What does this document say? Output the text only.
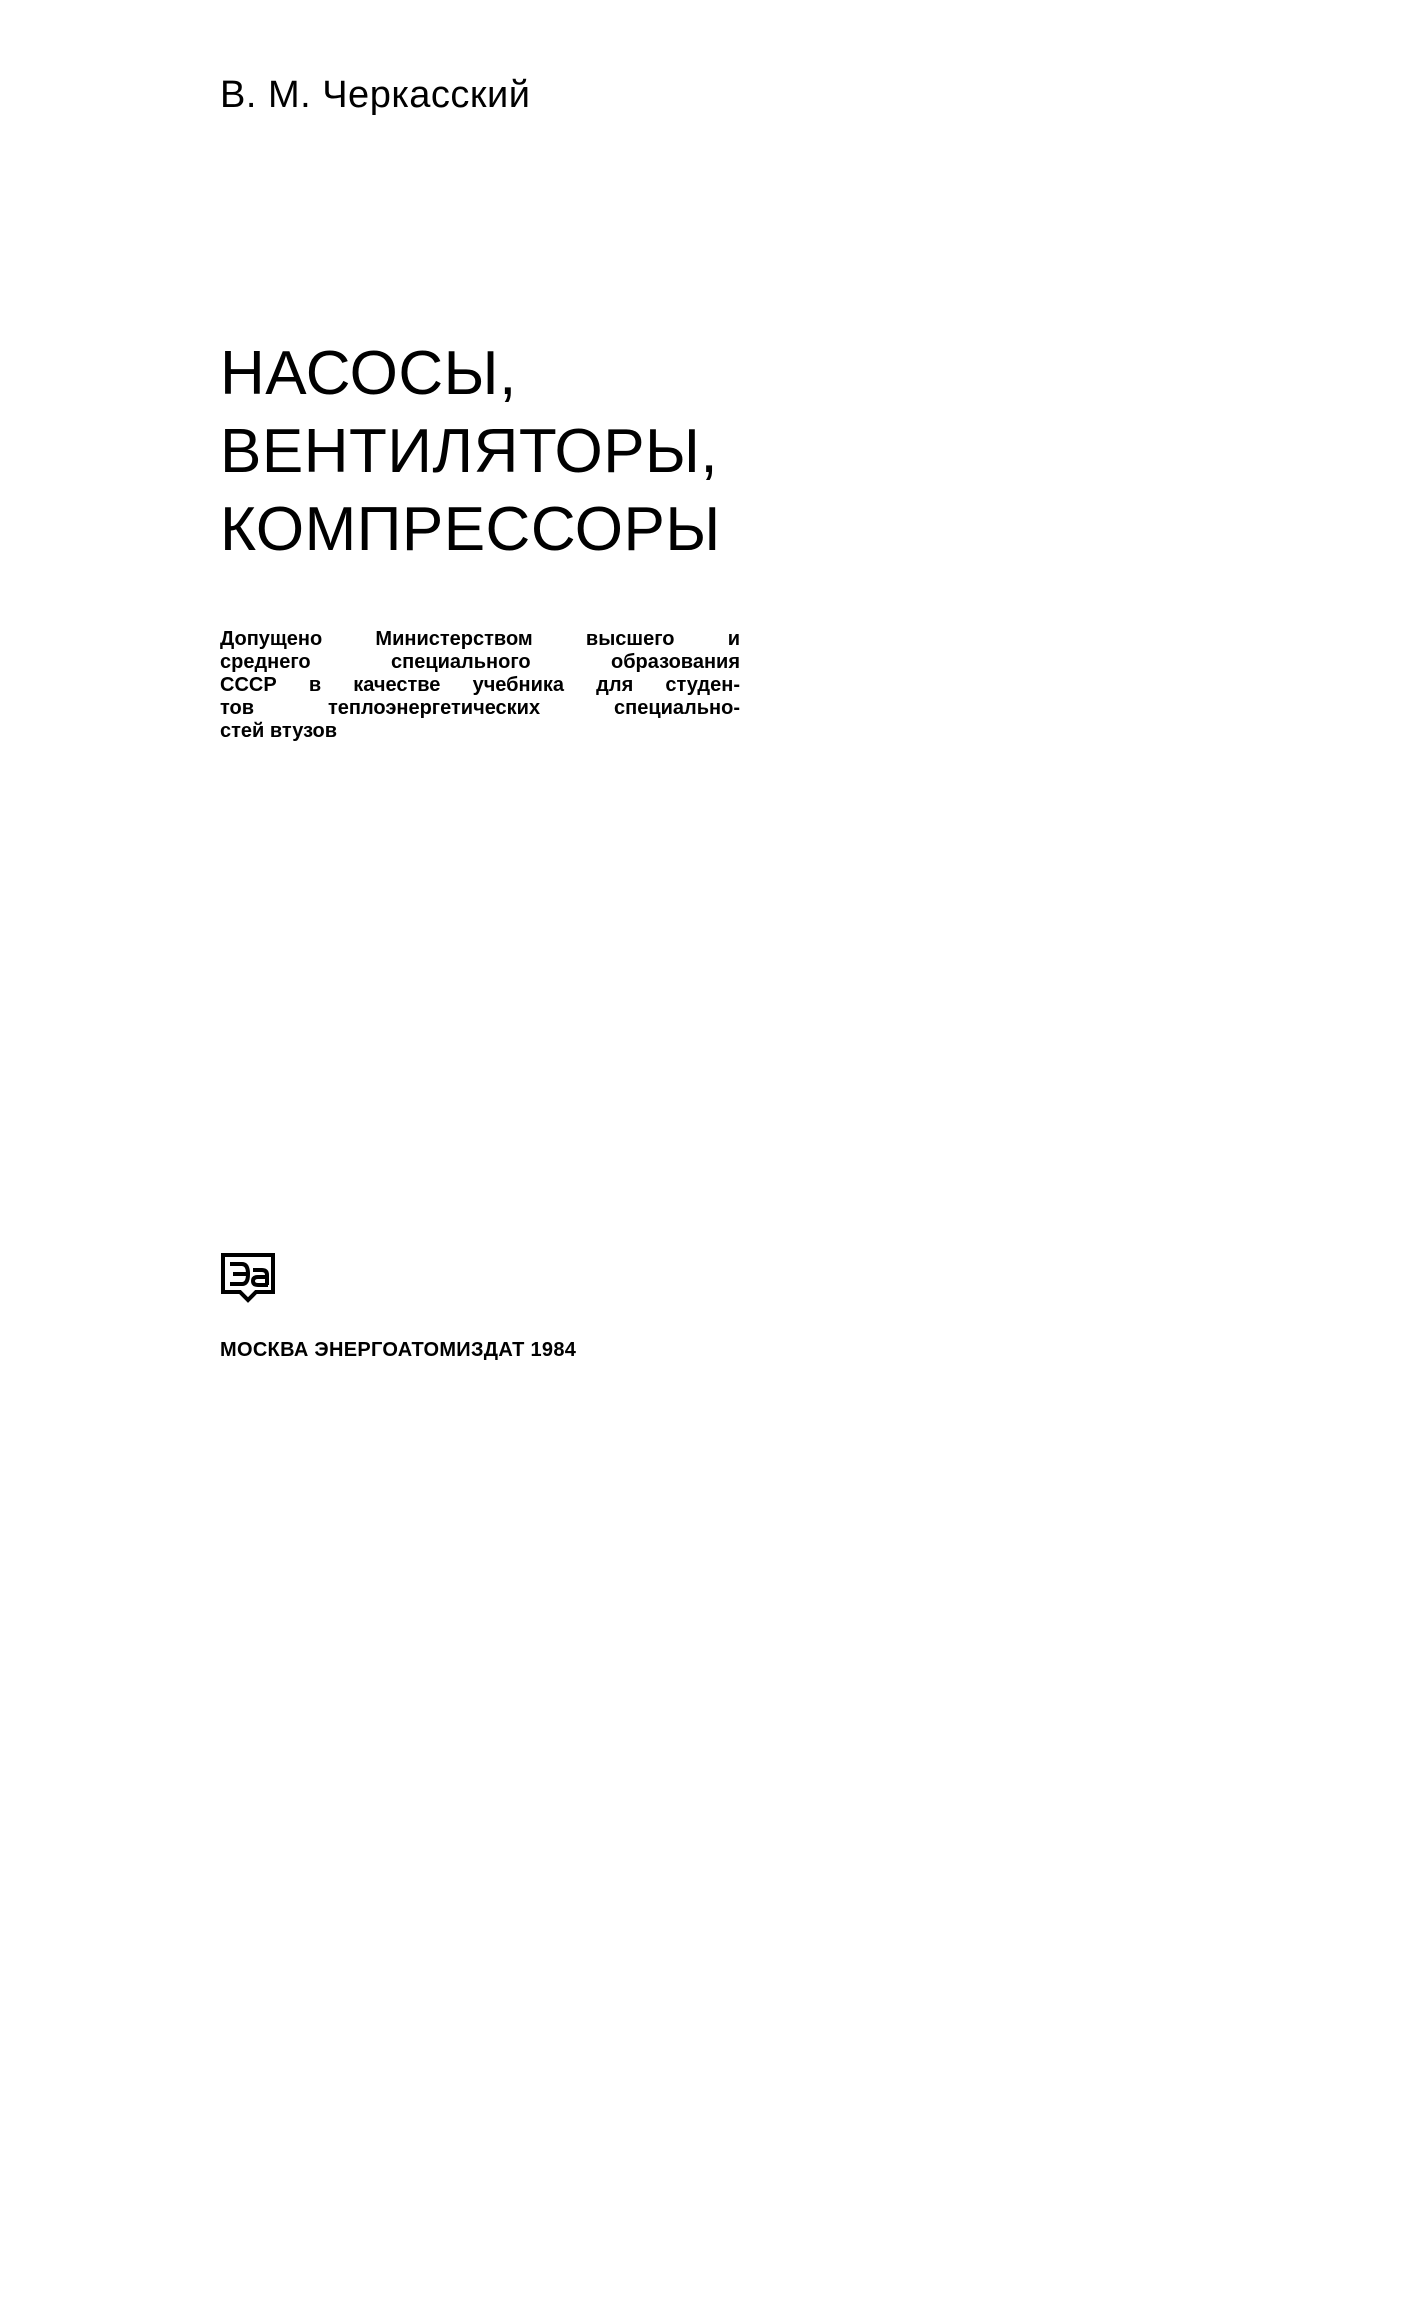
В. М. Черкасский
НАСОСЫ,
ВЕНТИЛЯТОРЫ,
КОМПРЕССОРЫ
Допущено Министерством высшего и
среднего специального образования
СССР в качестве учебника для студен-
тов теплоэнергетических специально-
стей втузов
МОСКВА ЭНЕРГОАТОМИЗДАТ 1984
